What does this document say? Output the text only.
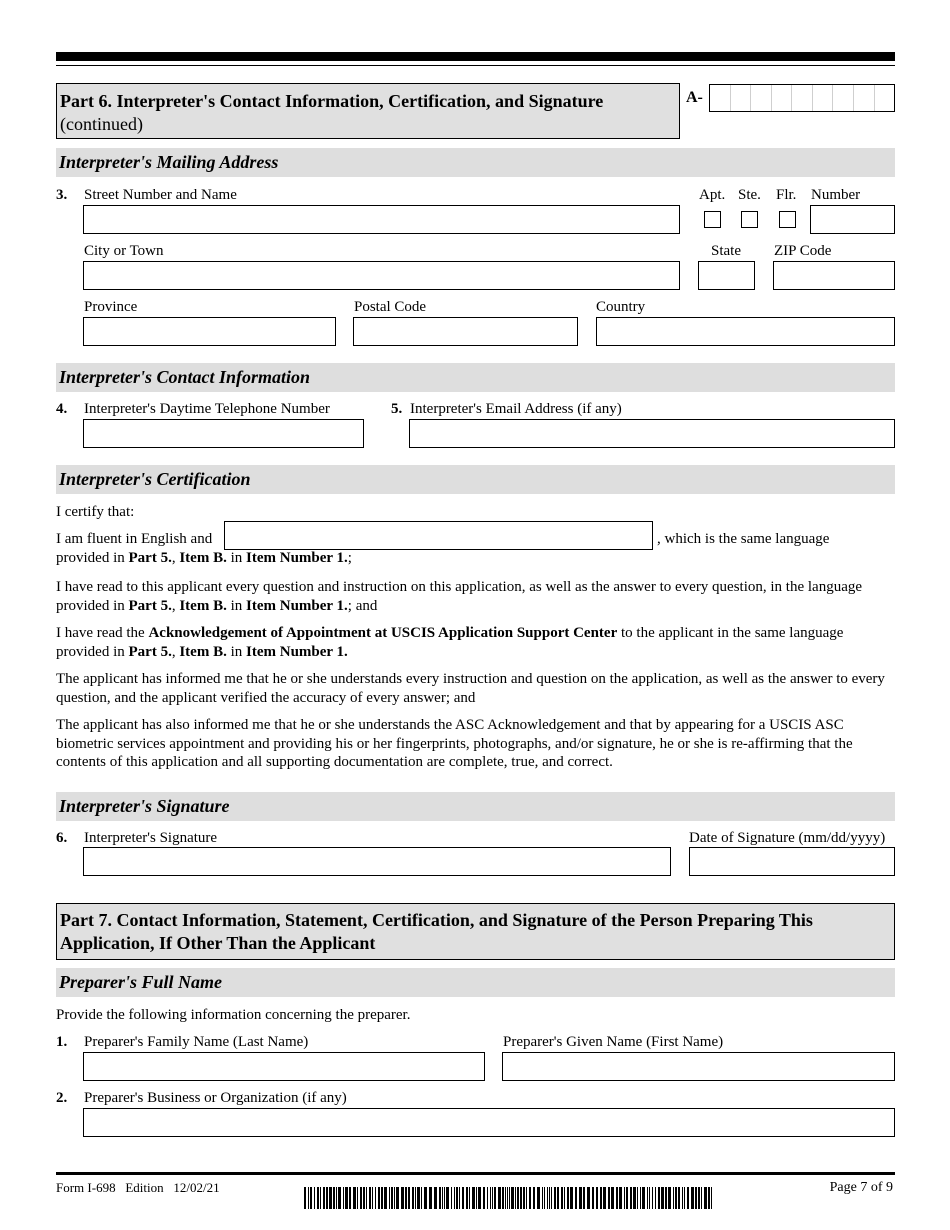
Part 6. Interpreter's Contact Information, Certification, and Signature
(continued)
A-
Interpreter's Mailing Address
3. Street Number and Name	Apt. Ste. Flr. Number
City or Town	State ZIP Code
Province	Postal Code	Country
Interpreter's Contact Information
4. Interpreter's Daytime Telephone Number	5. Interpreter's Email Address (if any)
Interpreter's Certification
I certify that:
I am fluent in English and	, which is the same language
provided in Part 5., Item B. in Item Number 1.;
I have read to this applicant every question and instruction on this application, as well as the answer to every question, in the language
provided in Part 5., Item B. in Item Number 1.; and
I have read the Acknowledgement of Appointment at USCIS Application Support Center to the applicant in the same language
provided in Part 5., Item B. in Item Number 1.
The applicant has informed me that he or she understands every instruction and question on the application, as well as the answer to every question, and the applicant verified the accuracy of every answer; and
The applicant has also informed me that he or she understands the ASC Acknowledgement and that by appearing for a USCIS ASC biometric services appointment and providing his or her fingerprints, photographs, and/or signature, he or she is re-affirming that the contents of this application and all supporting documentation are complete, true, and correct.
Interpreter's Signature
6. Interpreter's Signature	Date of Signature (mm/dd/yyyy)
Part 7. Contact Information, Statement, Certification, and Signature of the Person Preparing This
Application, If Other Than the Applicant
Preparer's Full Name
Provide the following information concerning the preparer.
1. Preparer's Family Name (Last Name)	Preparer's Given Name (First Name)
2. Preparer's Business or Organization (if any)
Form I-698   Edition   12/02/21	Page 7 of 9
